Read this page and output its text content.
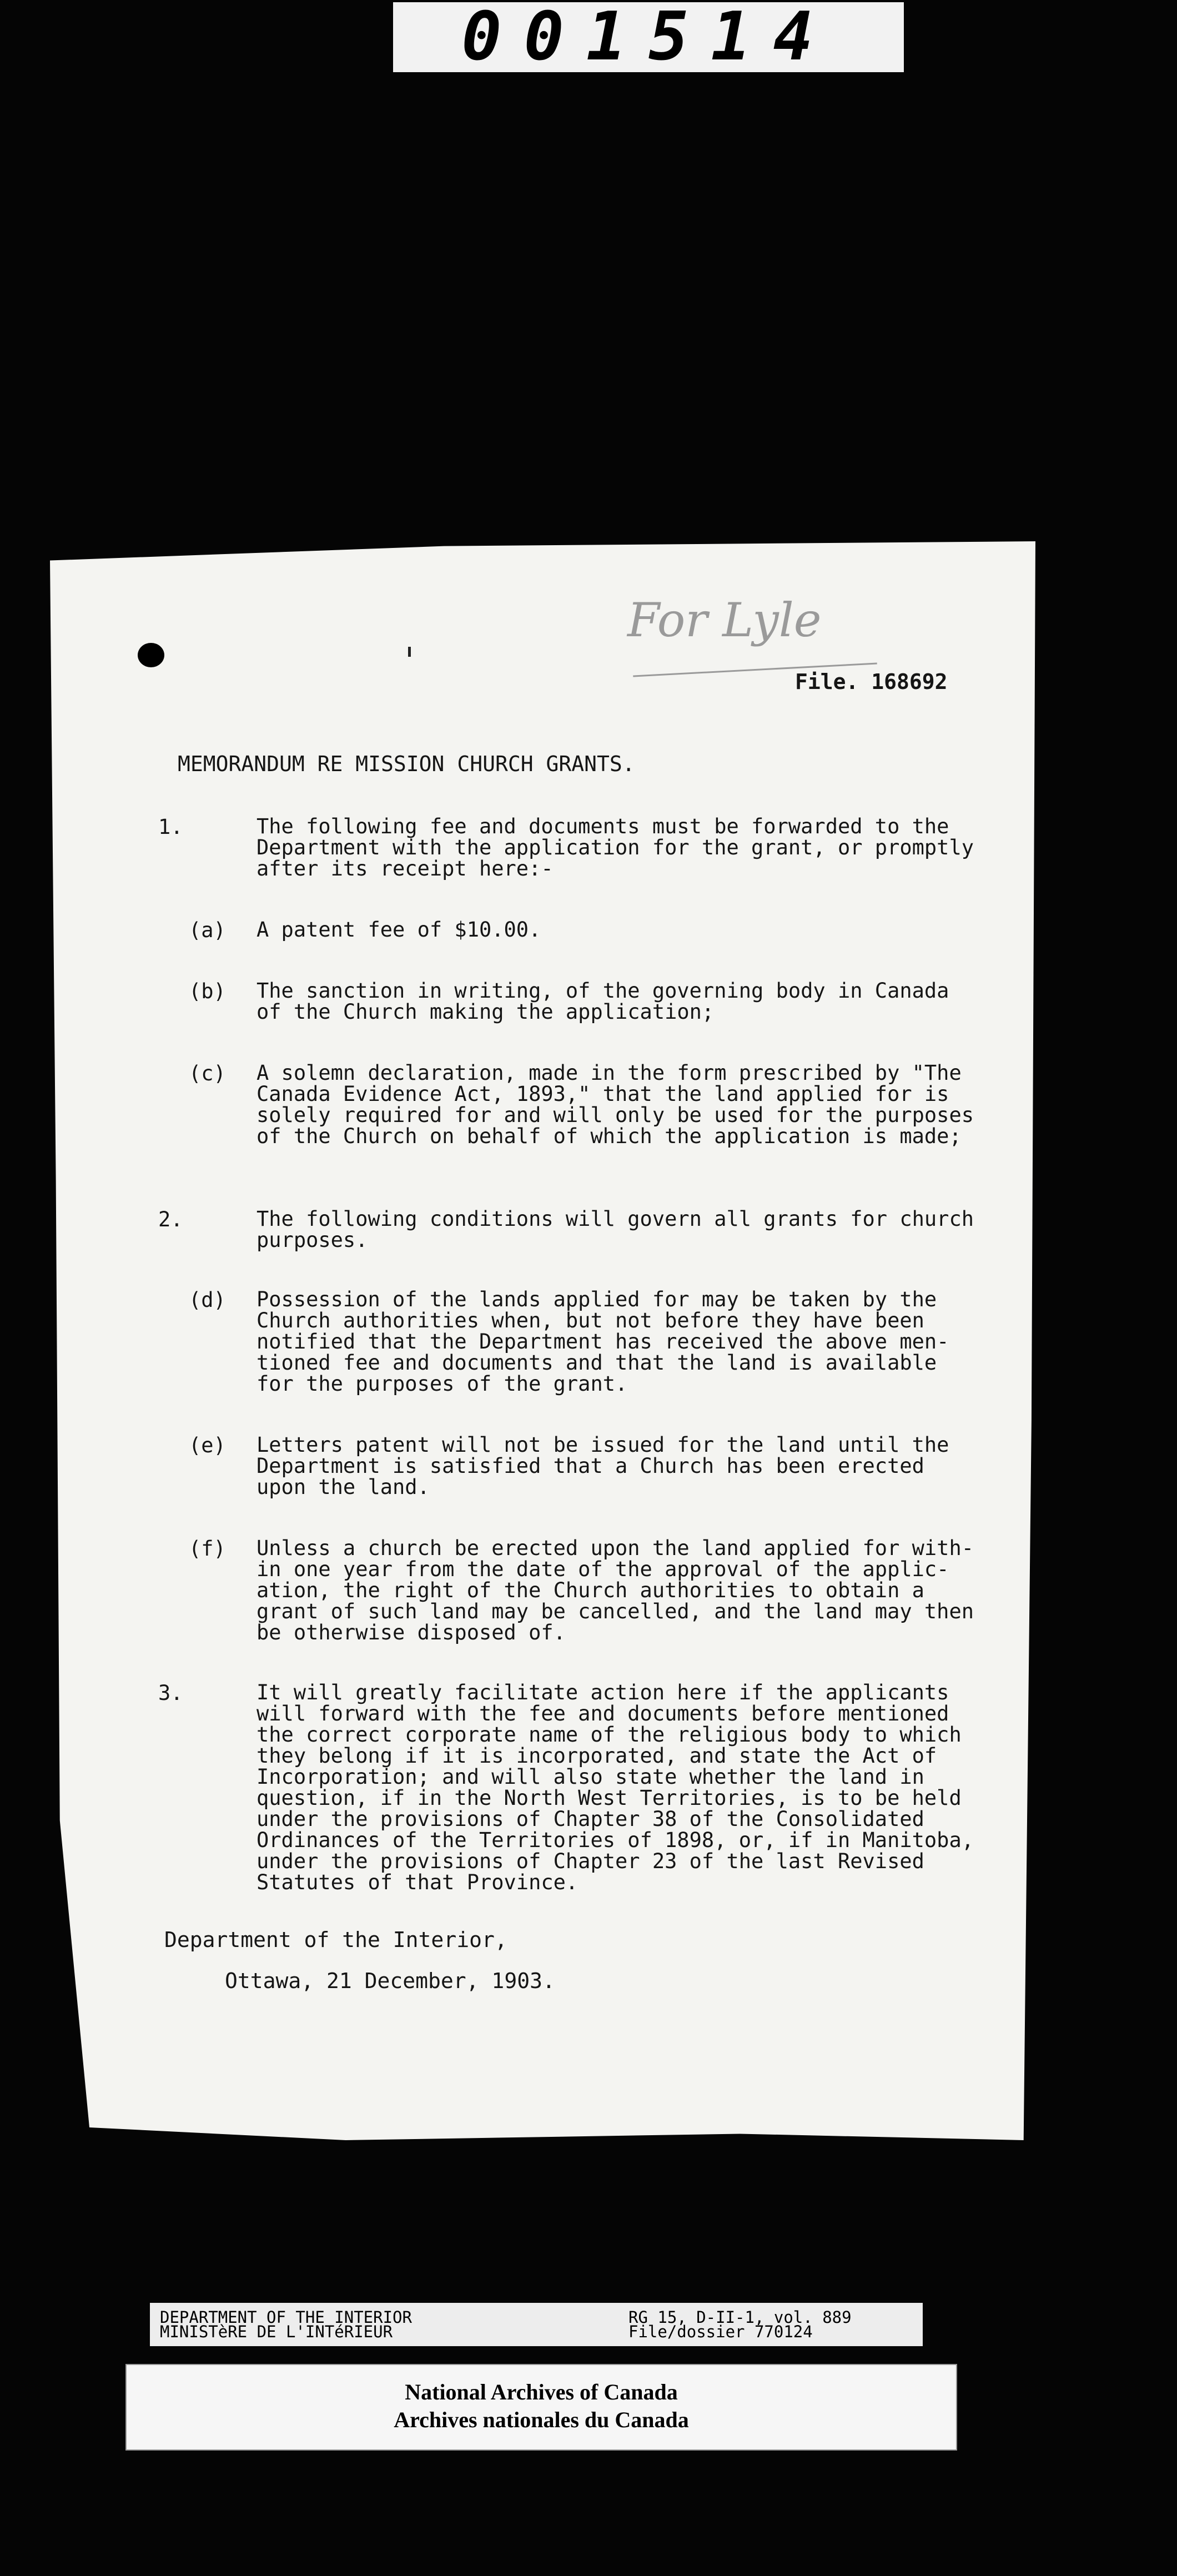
001514
For Lyle
File. 168692
MEMORANDUM RE MISSION CHURCH GRANTS.
1.	The following fee and documents must be forwarded to the
Department with the application for the grant, or promptly
after its receipt here:-
(a) A patent fee of $10.00.
(b) The sanction in writing, of the governing body in Canada
of the Church making the application;
(c) A solemn declaration, made in the form prescribed by "The
Canada Evidence Act, 1893," that the land applied for is
solely required for and will only be used for the purposes
of the Church on behalf of which the application is made;
2.	The following conditions will govern all grants for church
purposes.
(d) Possession of the lands applied for may be taken by the
Church authorities when, but not before they have been
notified that the Department has received the above men-
tioned fee and documents and that the land is available
for the purposes of the grant.
(e) Letters patent will not be issued for the land until the
Department is satisfied that a Church has been erected
upon the land.
(f) Unless a church be erected upon the land applied for with-
in one year from the date of the approval of the applic-
ation, the right of the Church authorities to obtain a
grant of such land may be cancelled, and the land may then
be otherwise disposed of.
3.	It will greatly facilitate action here if the applicants
will forward with the fee and documents before mentioned
the correct corporate name of the religious body to which
they belong if it is incorporated, and state the Act of
Incorporation; and will also state whether the land in
question, if in the North West Territories, is to be held
under the provisions of Chapter 38 of the Consolidated
Ordinances of the Territories of 1898, or, if in Manitoba,
under the provisions of Chapter 23 of the last Revised
Statutes of that Province.
Department of the Interior,
Ottawa, 21 December, 1903.
DEPARTMENT OF THE INTERIOR
MINISTèRE DE L'INTéRIEUR
RG 15, D-II-1, vol. 889
File/dossier 770124
National Archives of Canada
Archives nationales du Canada
